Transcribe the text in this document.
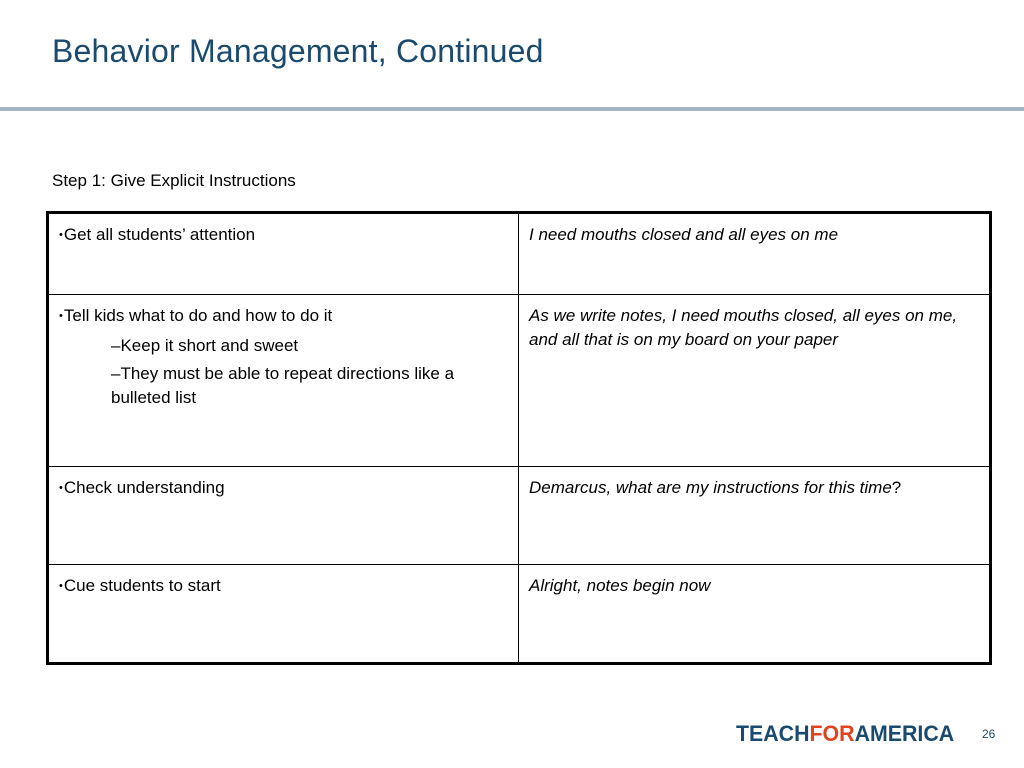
Behavior Management, Continued
Step 1: Give Explicit Instructions
•Get all students’ attention	I need mouths closed and all eyes on me

•Tell kids what to do and how to do it
–Keep it short and sweet
–They must be able to repeat directions like a bulleted list	As we write notes, I need mouths closed, all eyes on me, and all that is on my board on your paper
•Check understanding	Demarcus, what are my instructions for this time?
•Cue students to start	Alright, notes begin now
TEACHFORAMERICA 26
